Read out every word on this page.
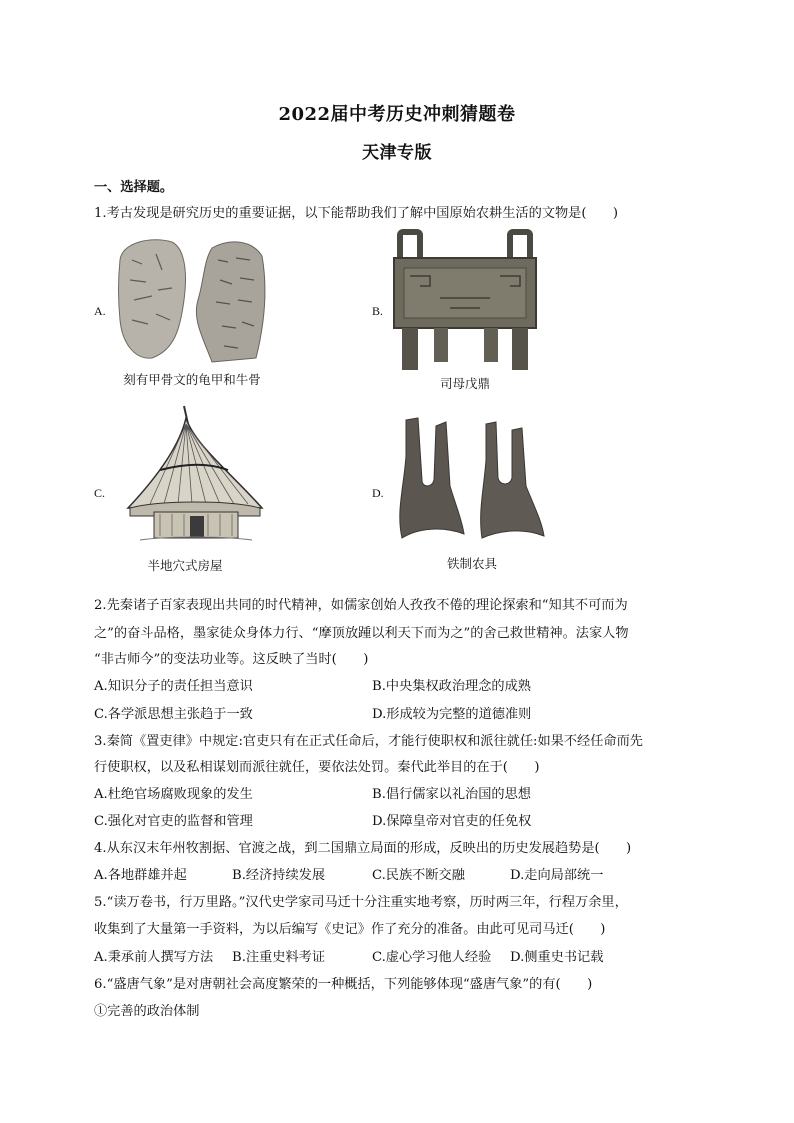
2022届中考历史冲刺猜题卷
天津专版
一、选择题。
1.考古发现是研究历史的重要证据，以下能帮助我们了解中国原始农耕生活的文物是(　　)
A.
刻有甲骨文的龟甲和牛骨
B.
司母戊鼎
C.
半地穴式房屋
D.
铁制农具
2.先秦诸子百家表现出共同的时代精神，如儒家创始人孜孜不倦的理论探索和“知其不可而为
之”的奋斗品格，墨家徒众身体力行、“摩顶放踵以利天下而为之”的舍己救世精神。法家人物
“非古师今”的变法功业等。这反映了当时(　　)
A.知识分子的责任担当意识	B.中央集权政治理念的成熟
C.各学派思想主张趋于一致	D.形成较为完整的道德准则
3.秦简《置吏律》中规定:官吏只有在正式任命后，才能行使职权和派往就任:如果不经任命而先
行使职权，以及私相谋划而派往就任，要依法处罚。秦代此举目的在于(　　)
A.杜绝官场腐败现象的发生	B.倡行儒家以礼治国的思想
C.强化对官吏的监督和管理	D.保障皇帝对官吏的任免权
4.从东汉末年州牧割据、官渡之战，到二国鼎立局面的形成，反映出的历史发展趋势是(　　)
A.各地群雄并起	B.经济持续发展	C.民族不断交融	D.走向局部统一
5.“读万卷书，行万里路。”汉代史学家司马迁十分注重实地考察，历时两三年，行程万余里，
收集到了大量第一手资料，为以后编写《史记》作了充分的准备。由此可见司马迁(　　)
A.秉承前人撰写方法 B.注重史料考证	C.虚心学习他人经验 D.侧重史书记载
6.“盛唐气象”是对唐朝社会高度繁荣的一种概括，下列能够体现“盛唐气象”的有(　　)
①完善的政治体制
